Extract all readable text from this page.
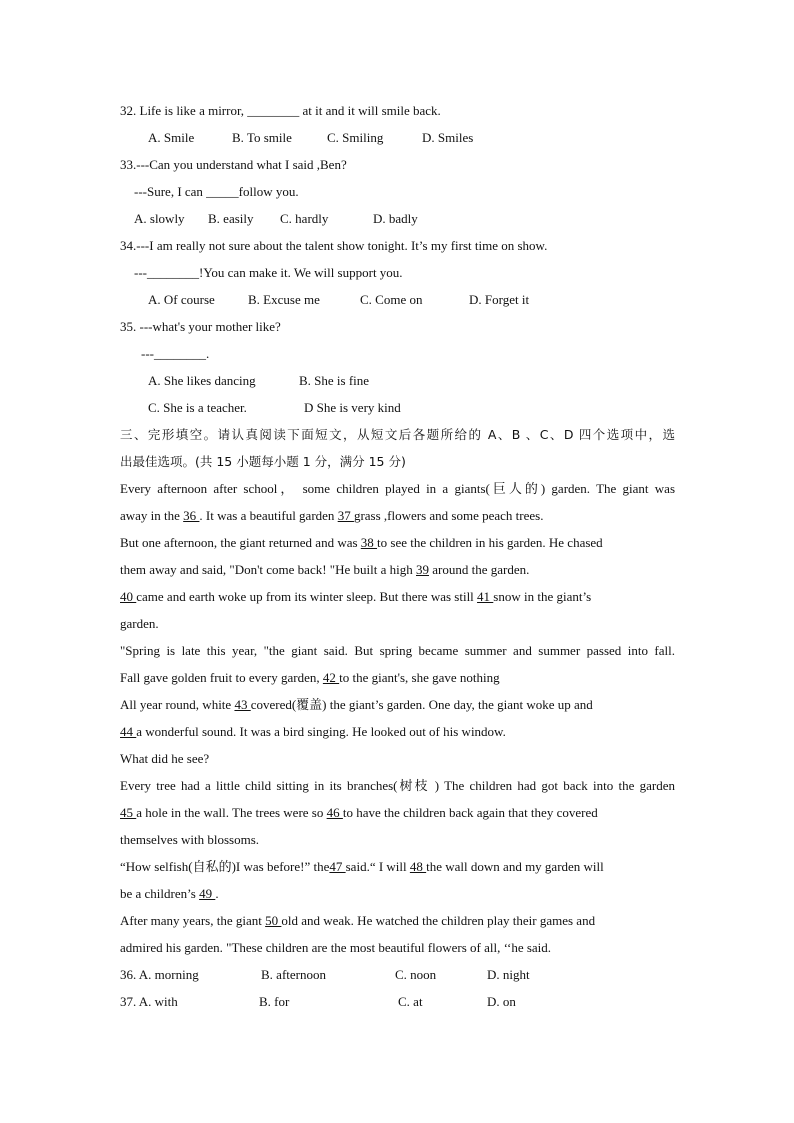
32. Life is like a mirror, ________ at it and it will smile back.
A. Smile	B. To smile	C. Smiling	D. Smiles
33.---Can you understand what I said ,Ben?
---Sure, I can _____follow you.
A. slowly B. easily C. hardly	D. badly
34.---I am really not sure about the talent show tonight. It’s my first time on show.
---________!You can make it. We will support you.
A. Of course	B. Excuse me	C. Come on	D. Forget it
35. ---what's your mother like?
---________.
A. She likes dancing	B. She is fine
C. She is a teacher.	D She is very kind
三、完形填空。请认真阅读下面短文，从短文后各题所给的 A、B 、C、D 四个选项中，选
出最佳选项。(共 15 小题每小题 1 分，满分 15 分)
Every afternoon after school， some children played in a giants(巨人的) garden. The giant was
away in the 36 . It was a beautiful garden 37 grass ,flowers and some peach trees.
But one afternoon, the giant returned and was 38 to see the children in his garden. He chased
them away and said, "Don't come back! "He built a high 39 around the garden.
40 came and earth woke up from its winter sleep. But there was still 41 snow in the giant’s
garden.
"Spring is late this year, "the giant said. But spring became summer and summer passed into fall.
Fall gave golden fruit to every garden, 42 to the giant's, she gave nothing
All year round, white 43 covered(覆盖) the giant’s garden. One day, the giant woke up and
44 a wonderful sound. It was a bird singing. He looked out of his window.
What did he see?
Every tree had a little child sitting in its branches(树枝 ) The children had got back into the garden
45 a hole in the wall. The trees were so 46 to have the children back again that they covered
themselves with blossoms.
“How selfish(自私的)I was before!” the47 said.“ I will 48 the wall down and my garden will
be a children’s 49 .
After many years, the giant 50 old and weak. He watched the children play their games and
admired his garden. "These children are the most beautiful flowers of all, ‘‘he said.
36. A. morning	B. afternoon	C. noon	D. night
37. A. with	B. for	C. at	D. on
